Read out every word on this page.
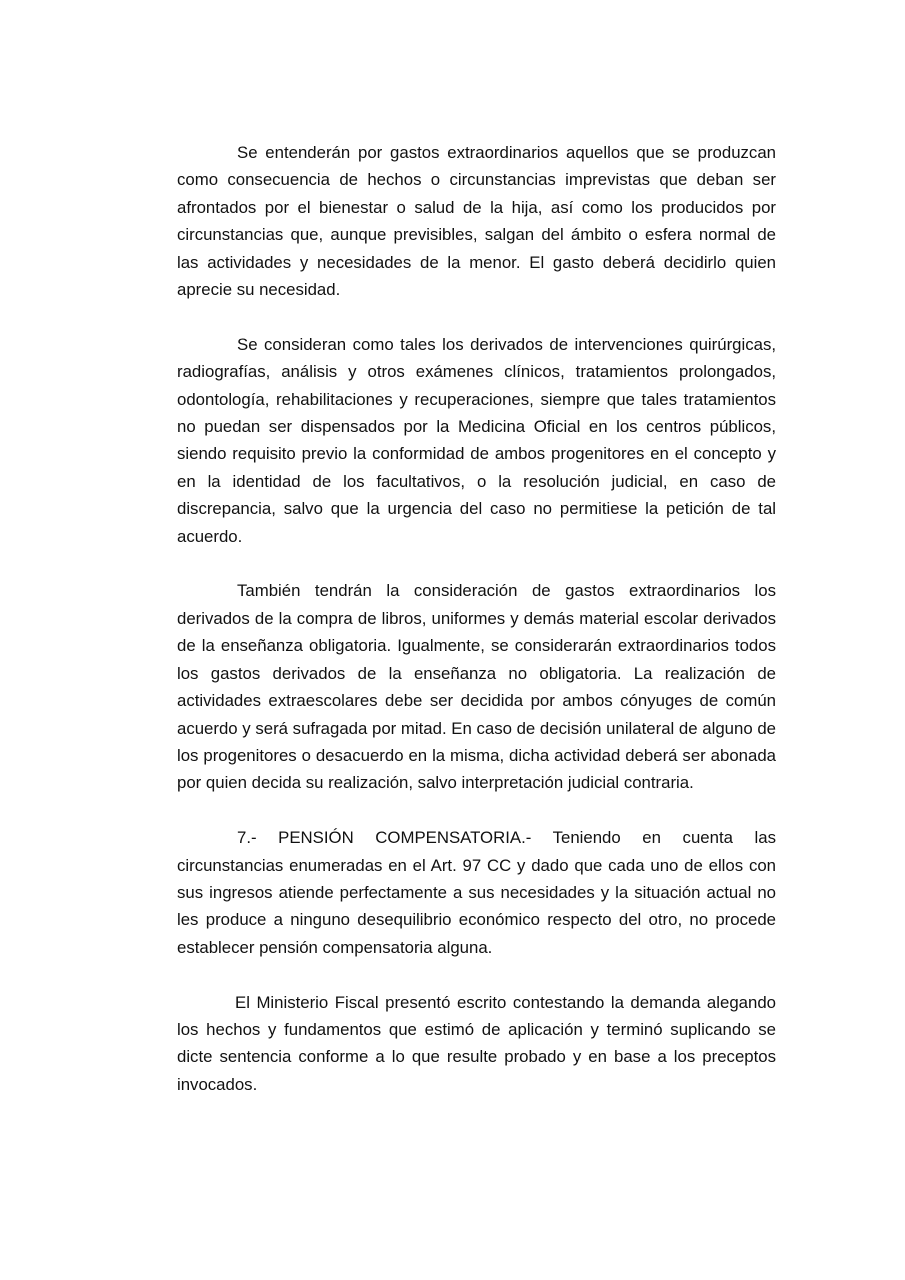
Se entenderán por gastos extraordinarios aquellos que se produzcan como consecuencia de hechos o circunstancias imprevistas que deban ser afrontados por el bienestar o salud de la hija, así como los producidos por circunstancias que, aunque previsibles, salgan del ámbito o esfera normal de las actividades y necesidades de la menor. El gasto deberá decidirlo quien aprecie su necesidad.

Se consideran como tales los derivados de intervenciones quirúrgicas, radiografías, análisis y otros exámenes clínicos, tratamientos prolongados, odontología, rehabilitaciones y recuperaciones, siempre que tales tratamientos no puedan ser dispensados por la Medicina Oficial en los centros públicos, siendo requisito previo la conformidad de ambos progenitores en el concepto y en la identidad de los facultativos, o la resolución judicial, en caso de discrepancia, salvo que la urgencia del caso no permitiese la petición de tal acuerdo.

También tendrán la consideración de gastos extraordinarios los derivados de la compra de libros, uniformes y demás material escolar derivados de la enseñanza obligatoria. Igualmente, se considerarán extraordinarios todos los gastos derivados de la enseñanza no obligatoria. La realización de actividades extraescolares debe ser decidida por ambos cónyuges de común acuerdo y será sufragada por mitad. En caso de decisión unilateral de alguno de los progenitores o desacuerdo en la misma, dicha actividad deberá ser abonada por quien decida su realización, salvo interpretación judicial contraria.

7.- PENSIÓN COMPENSATORIA.- Teniendo en cuenta las circunstancias enumeradas en el Art. 97 CC y dado que cada uno de ellos con sus ingresos atiende perfectamente a sus necesidades y la situación actual no les produce a ninguno desequilibrio económico respecto del otro, no procede establecer pensión compensatoria alguna.

El Ministerio Fiscal presentó escrito contestando la demanda alegando los hechos y fundamentos que estimó de aplicación y terminó suplicando se dicte sentencia conforme a lo que resulte probado y en base a los preceptos invocados.
